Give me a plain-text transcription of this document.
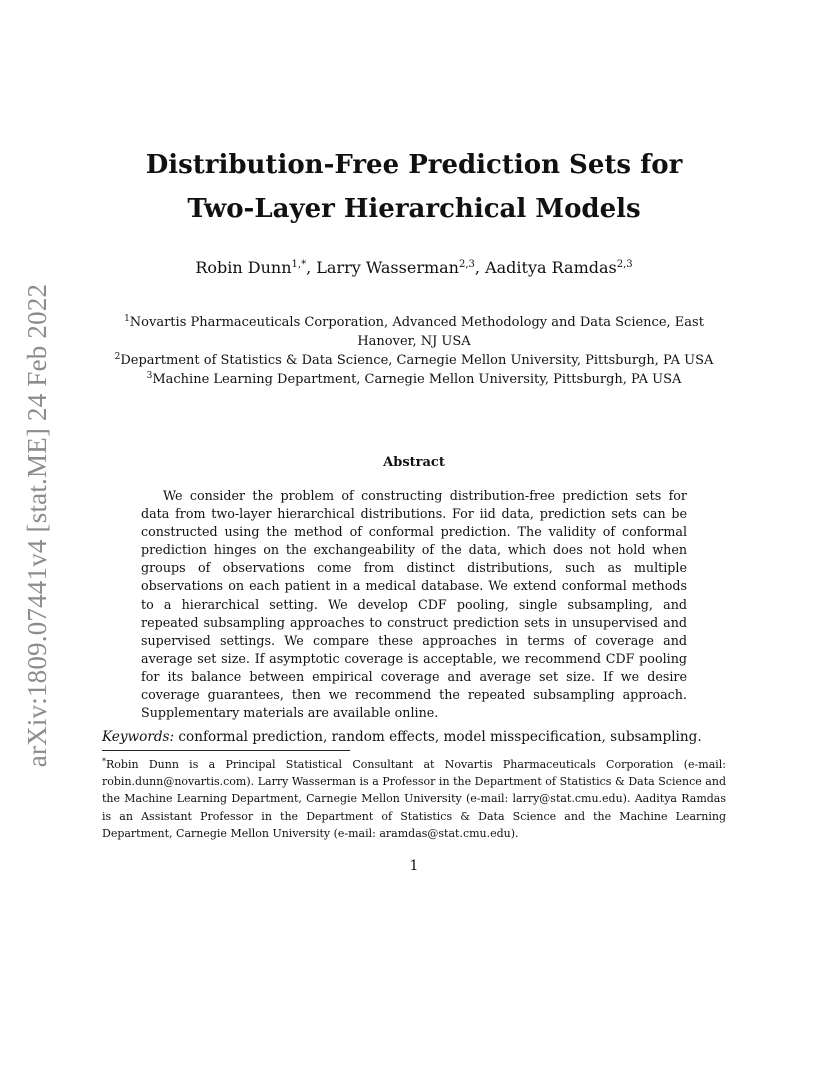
arXiv:1809.07441v4 [stat.ME] 24 Feb 2022
Distribution-Free Prediction Sets for
Two-Layer Hierarchical Models
Robin Dunn$^{1,*}$, Larry Wasserman$^{2,3}$, Aaditya Ramdas$^{2,3}$
$^1$Novartis Pharmaceuticals Corporation, Advanced Methodology and Data Science, East Hanover, NJ USA
$^2$Department of Statistics & Data Science, Carnegie Mellon University, Pittsburgh, PA USA
$^3$Machine Learning Department, Carnegie Mellon University, Pittsburgh, PA USA
Abstract
We consider the problem of constructing distribution-free prediction sets for data from two-layer hierarchical distributions. For iid data, prediction sets can be constructed using the method of conformal prediction. The validity of conformal prediction hinges on the exchangeability of the data, which does not hold when groups of observations come from distinct distributions, such as multiple observations on each patient in a medical database. We extend conformal methods to a hierarchical setting. We develop CDF pooling, single subsampling, and repeated subsampling approaches to construct prediction sets in unsupervised and supervised settings. We compare these approaches in terms of coverage and average set size. If asymptotic coverage is acceptable, we recommend CDF pooling for its balance between empirical coverage and average set size. If we desire coverage guarantees, then we recommend the repeated subsampling approach. Supplementary materials are available online.
Keywords: conformal prediction, random effects, model misspecification, subsampling.
*Robin Dunn is a Principal Statistical Consultant at Novartis Pharmaceuticals Corporation (e-mail: robin.dunn@novartis.com). Larry Wasserman is a Professor in the Department of Statistics & Data Science and the Machine Learning Department, Carnegie Mellon University (e-mail: larry@stat.cmu.edu). Aaditya Ramdas is an Assistant Professor in the Department of Statistics & Data Science and the Machine Learning Department, Carnegie Mellon University (e-mail: aramdas@stat.cmu.edu).
1
